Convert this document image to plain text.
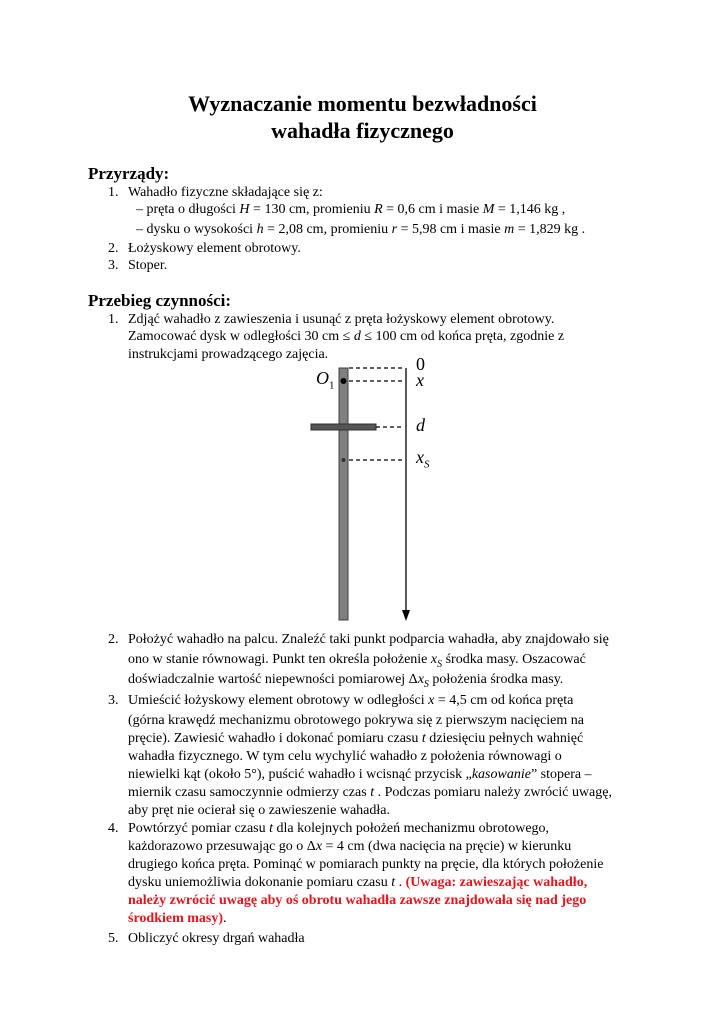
Wyznaczanie momentu bezwładności
wahadła fizycznego
Przyrządy:
1. Wahadło fizyczne składające się z:
– pręta o długości H = 130 cm, promieniu R = 0,6 cm i masie M = 1,146 kg ,
– dysku o wysokości h = 2,08 cm, promieniu r = 5,98 cm i masie m = 1,829 kg .
2. Łożyskowy element obrotowy.
3. Stoper.
Przebieg czynności:
1. Zdjąć wahadło z zawieszenia i usunąć z pręta łożyskowy element obrotowy.
Zamocować dysk w odległości 30 cm ≤ d ≤ 100 cm od końca pręta, zgodnie z
instrukcjami prowadzącego zajęcia.	0
x
d
$x_S$
$O_1$
2. Położyć wahadło na palcu. Znaleźć taki punkt podparcia wahadła, aby znajdowało się
ono w stanie równowagi. Punkt ten określa położenie $x_S$ środka masy. Oszacować
doświadczalnie wartość niepewności pomiarowej $\Delta x_S$ położenia środka masy.
3. Umieścić łożyskowy element obrotowy w odległości x = 4,5 cm od końca pręta
(górna krawędź mechanizmu obrotowego pokrywa się z pierwszym nacięciem na
pręcie). Zawiesić wahadło i dokonać pomiaru czasu t dziesięciu pełnych wahnięć
wahadła fizycznego. W tym celu wychylić wahadło z położenia równowagi o
niewielki kąt (około 5°), puścić wahadło i wcisnąć przycisk „kasowanie” stopera –
miernik czasu samoczynnie odmierzy czas t . Podczas pomiaru należy zwrócić uwagę,
aby pręt nie ocierał się o zawieszenie wahadła.
4. Powtórzyć pomiar czasu t dla kolejnych położeń mechanizmu obrotowego,
każdorazowo przesuwając go o Δx = 4 cm (dwa nacięcia na pręcie) w kierunku
drugiego końca pręta. Pominąć w pomiarach punkty na pręcie, dla których położenie
dysku uniemożliwia dokonanie pomiaru czasu t . (Uwaga: zawieszając wahadło,
należy zwrócić uwagę aby oś obrotu wahadła zawsze znajdowała się nad jego
środkiem masy).
5. Obliczyć okresy drgań wahadła
